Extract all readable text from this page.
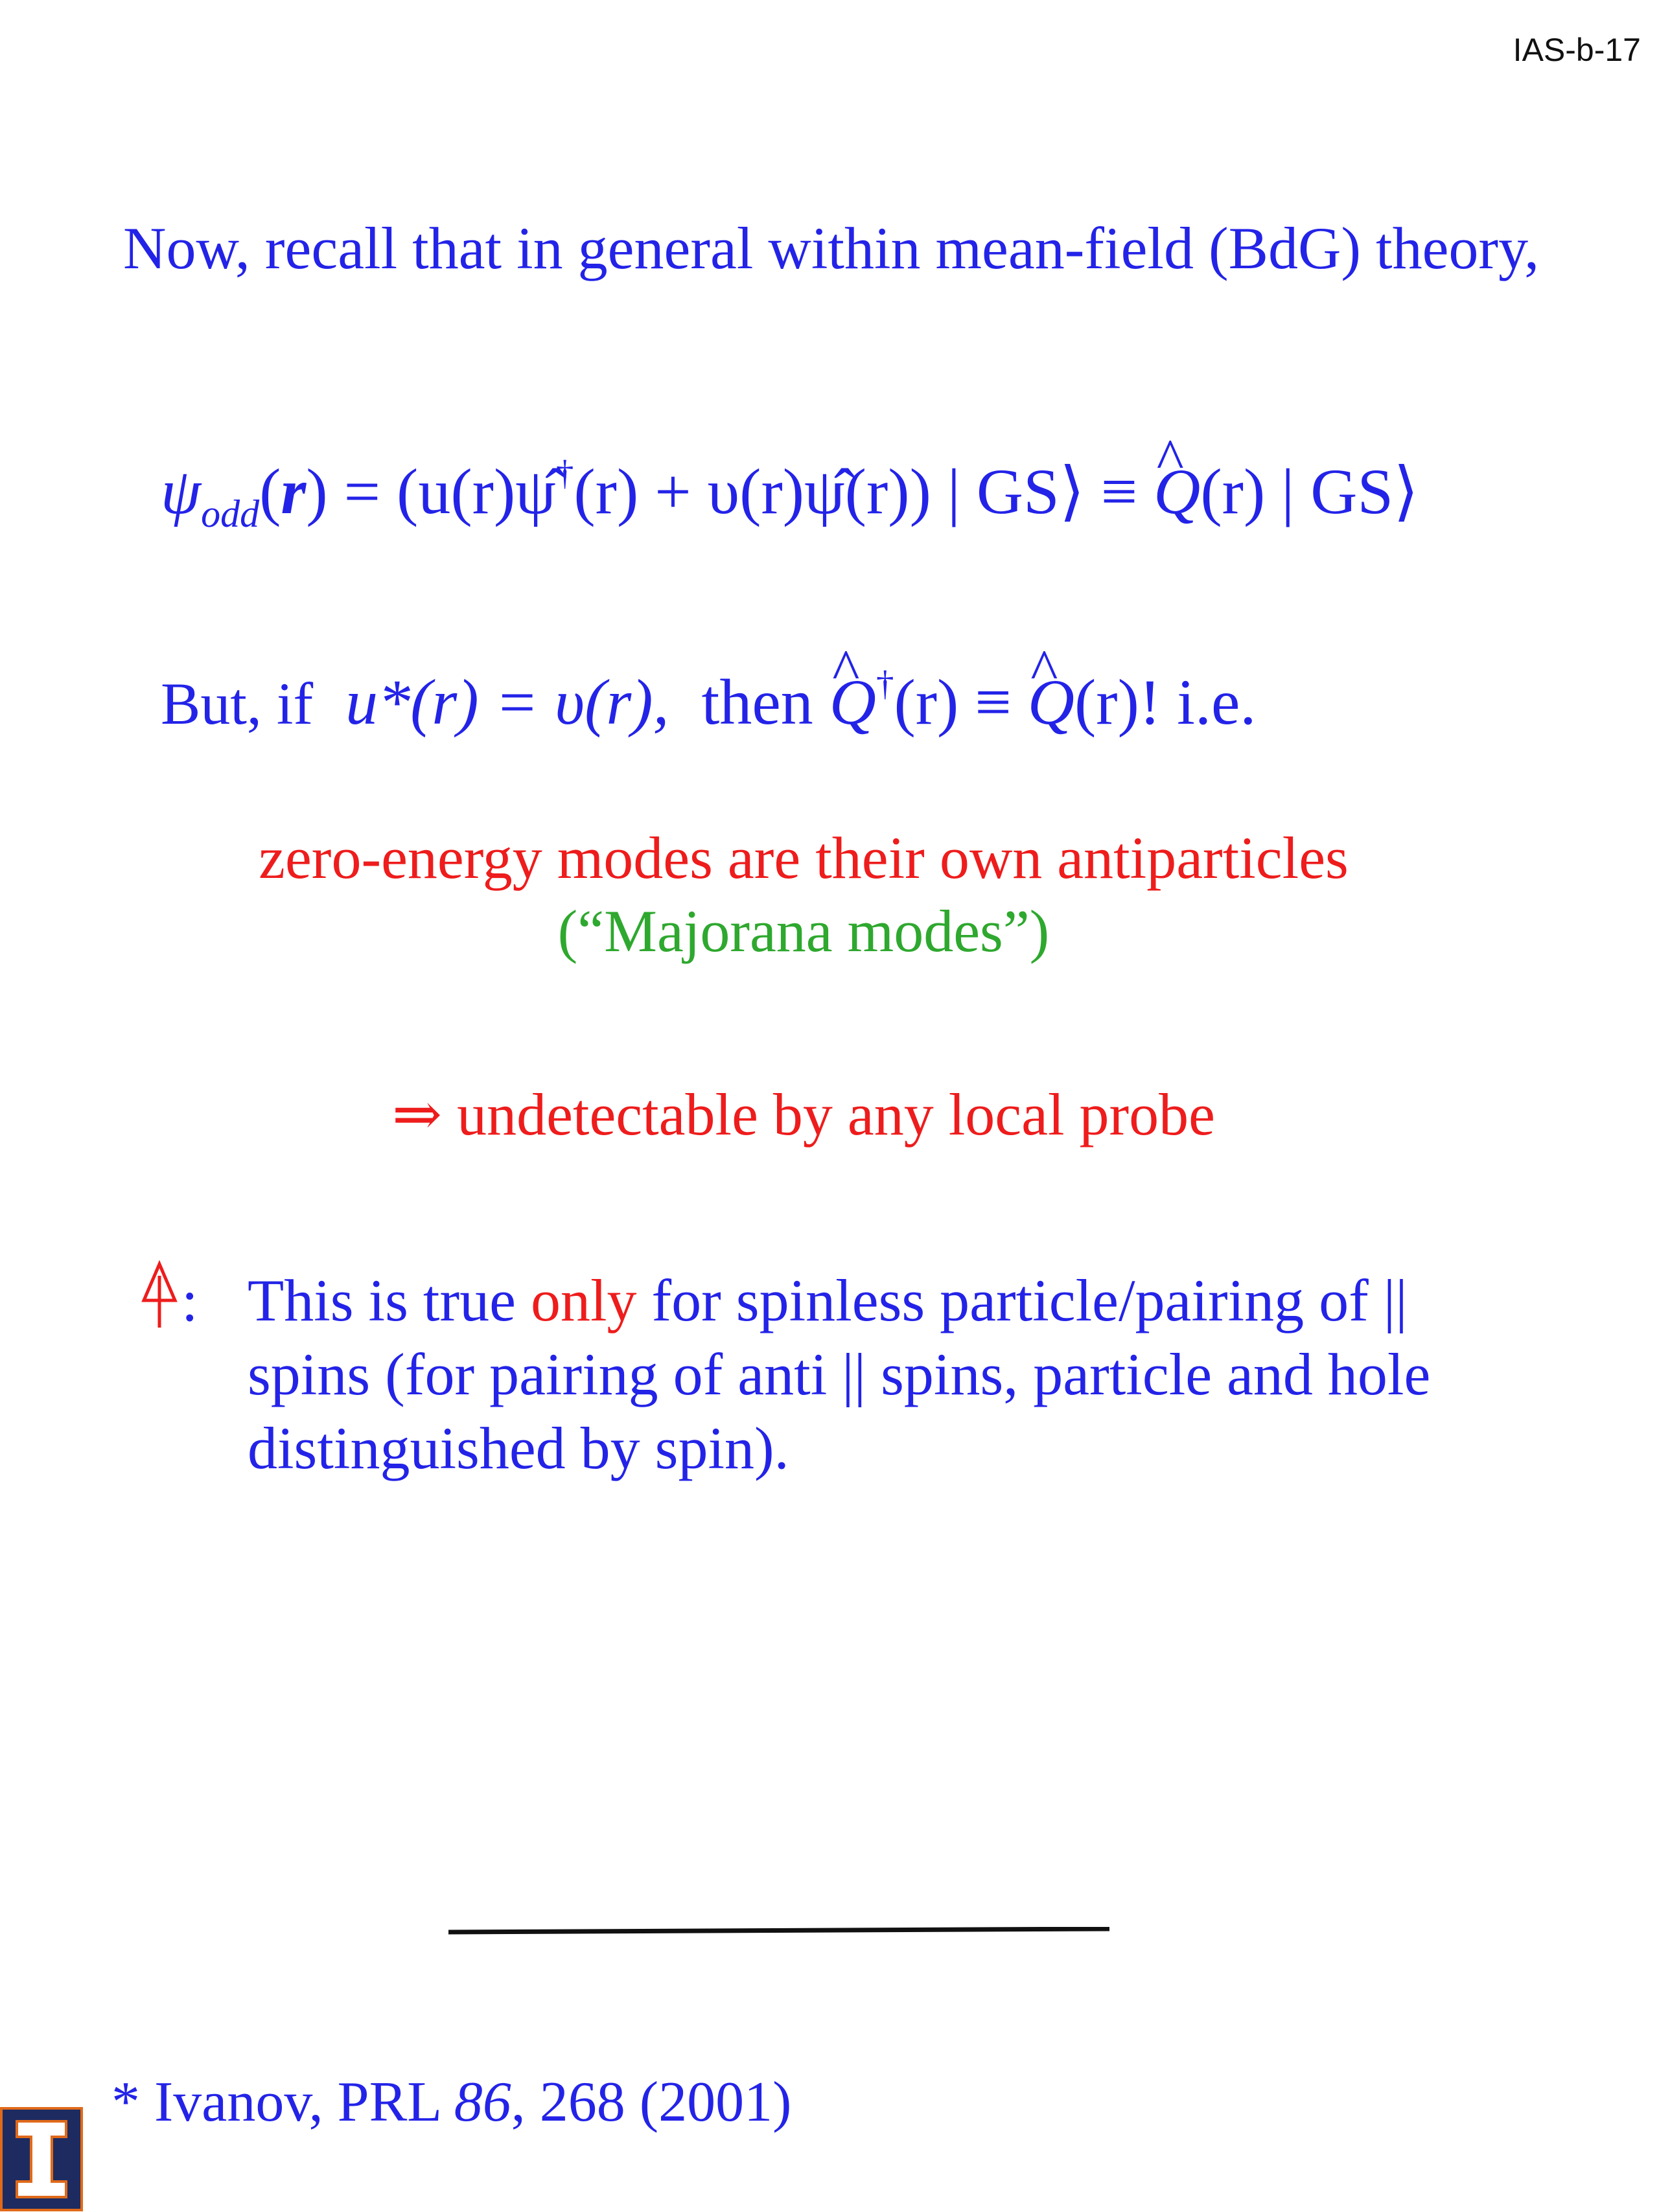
IAS-b-17

Now, recall that in general within mean-field (BdG) theory,

$\psi_{odd}(r)$ = (u(r)ψ̂†(r) + υ(r)ψ̂(r)) | GS⟩ ≡ ^ Q(r) | GS⟩
But, if u*(r) = υ(r), then ^ Q†(r) ≡ ^ Q(r)! i.e.

zero-energy modes are their own antiparticles

(“Majorana modes”)

⇒ undetectable by any local probe

: This is true only for spinless particle/pairing of || spins (for pairing of anti || spins, particle and hole distinguished by spin).

* Ivanov, PRL 86, 268 (2001)
